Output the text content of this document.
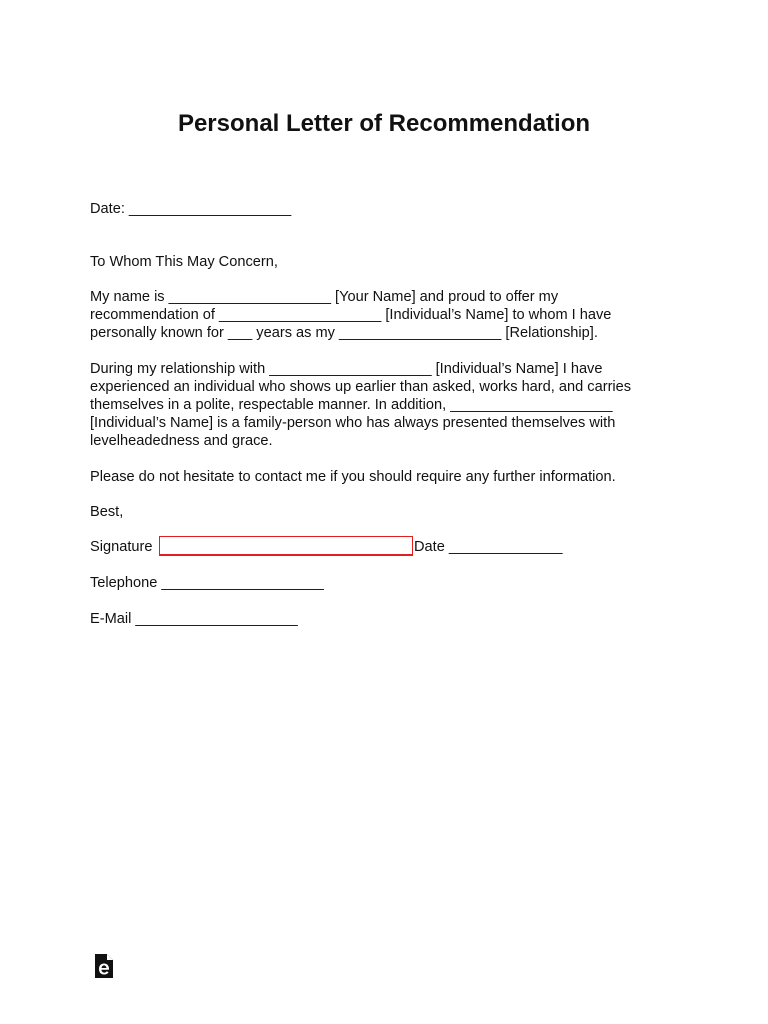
Personal Letter of Recommendation
Date: ____________________
To Whom This May Concern,
My name is ____________________ [Your Name] and proud to offer my
recommendation of ____________________ [Individual’s Name] to whom I have
personally known for ___ years as my ____________________ [Relationship].
During my relationship with ____________________ [Individual’s Name] I have
experienced an individual who shows up earlier than asked, works hard, and carries
themselves in a polite, respectable manner. In addition, ____________________
[Individual’s Name] is a family-person who has always presented themselves with
levelheadedness and grace.
Please do not hesitate to contact me if you should require any further information.
Best,
Signature	Date ______________
Telephone ____________________
E-Mail ____________________
